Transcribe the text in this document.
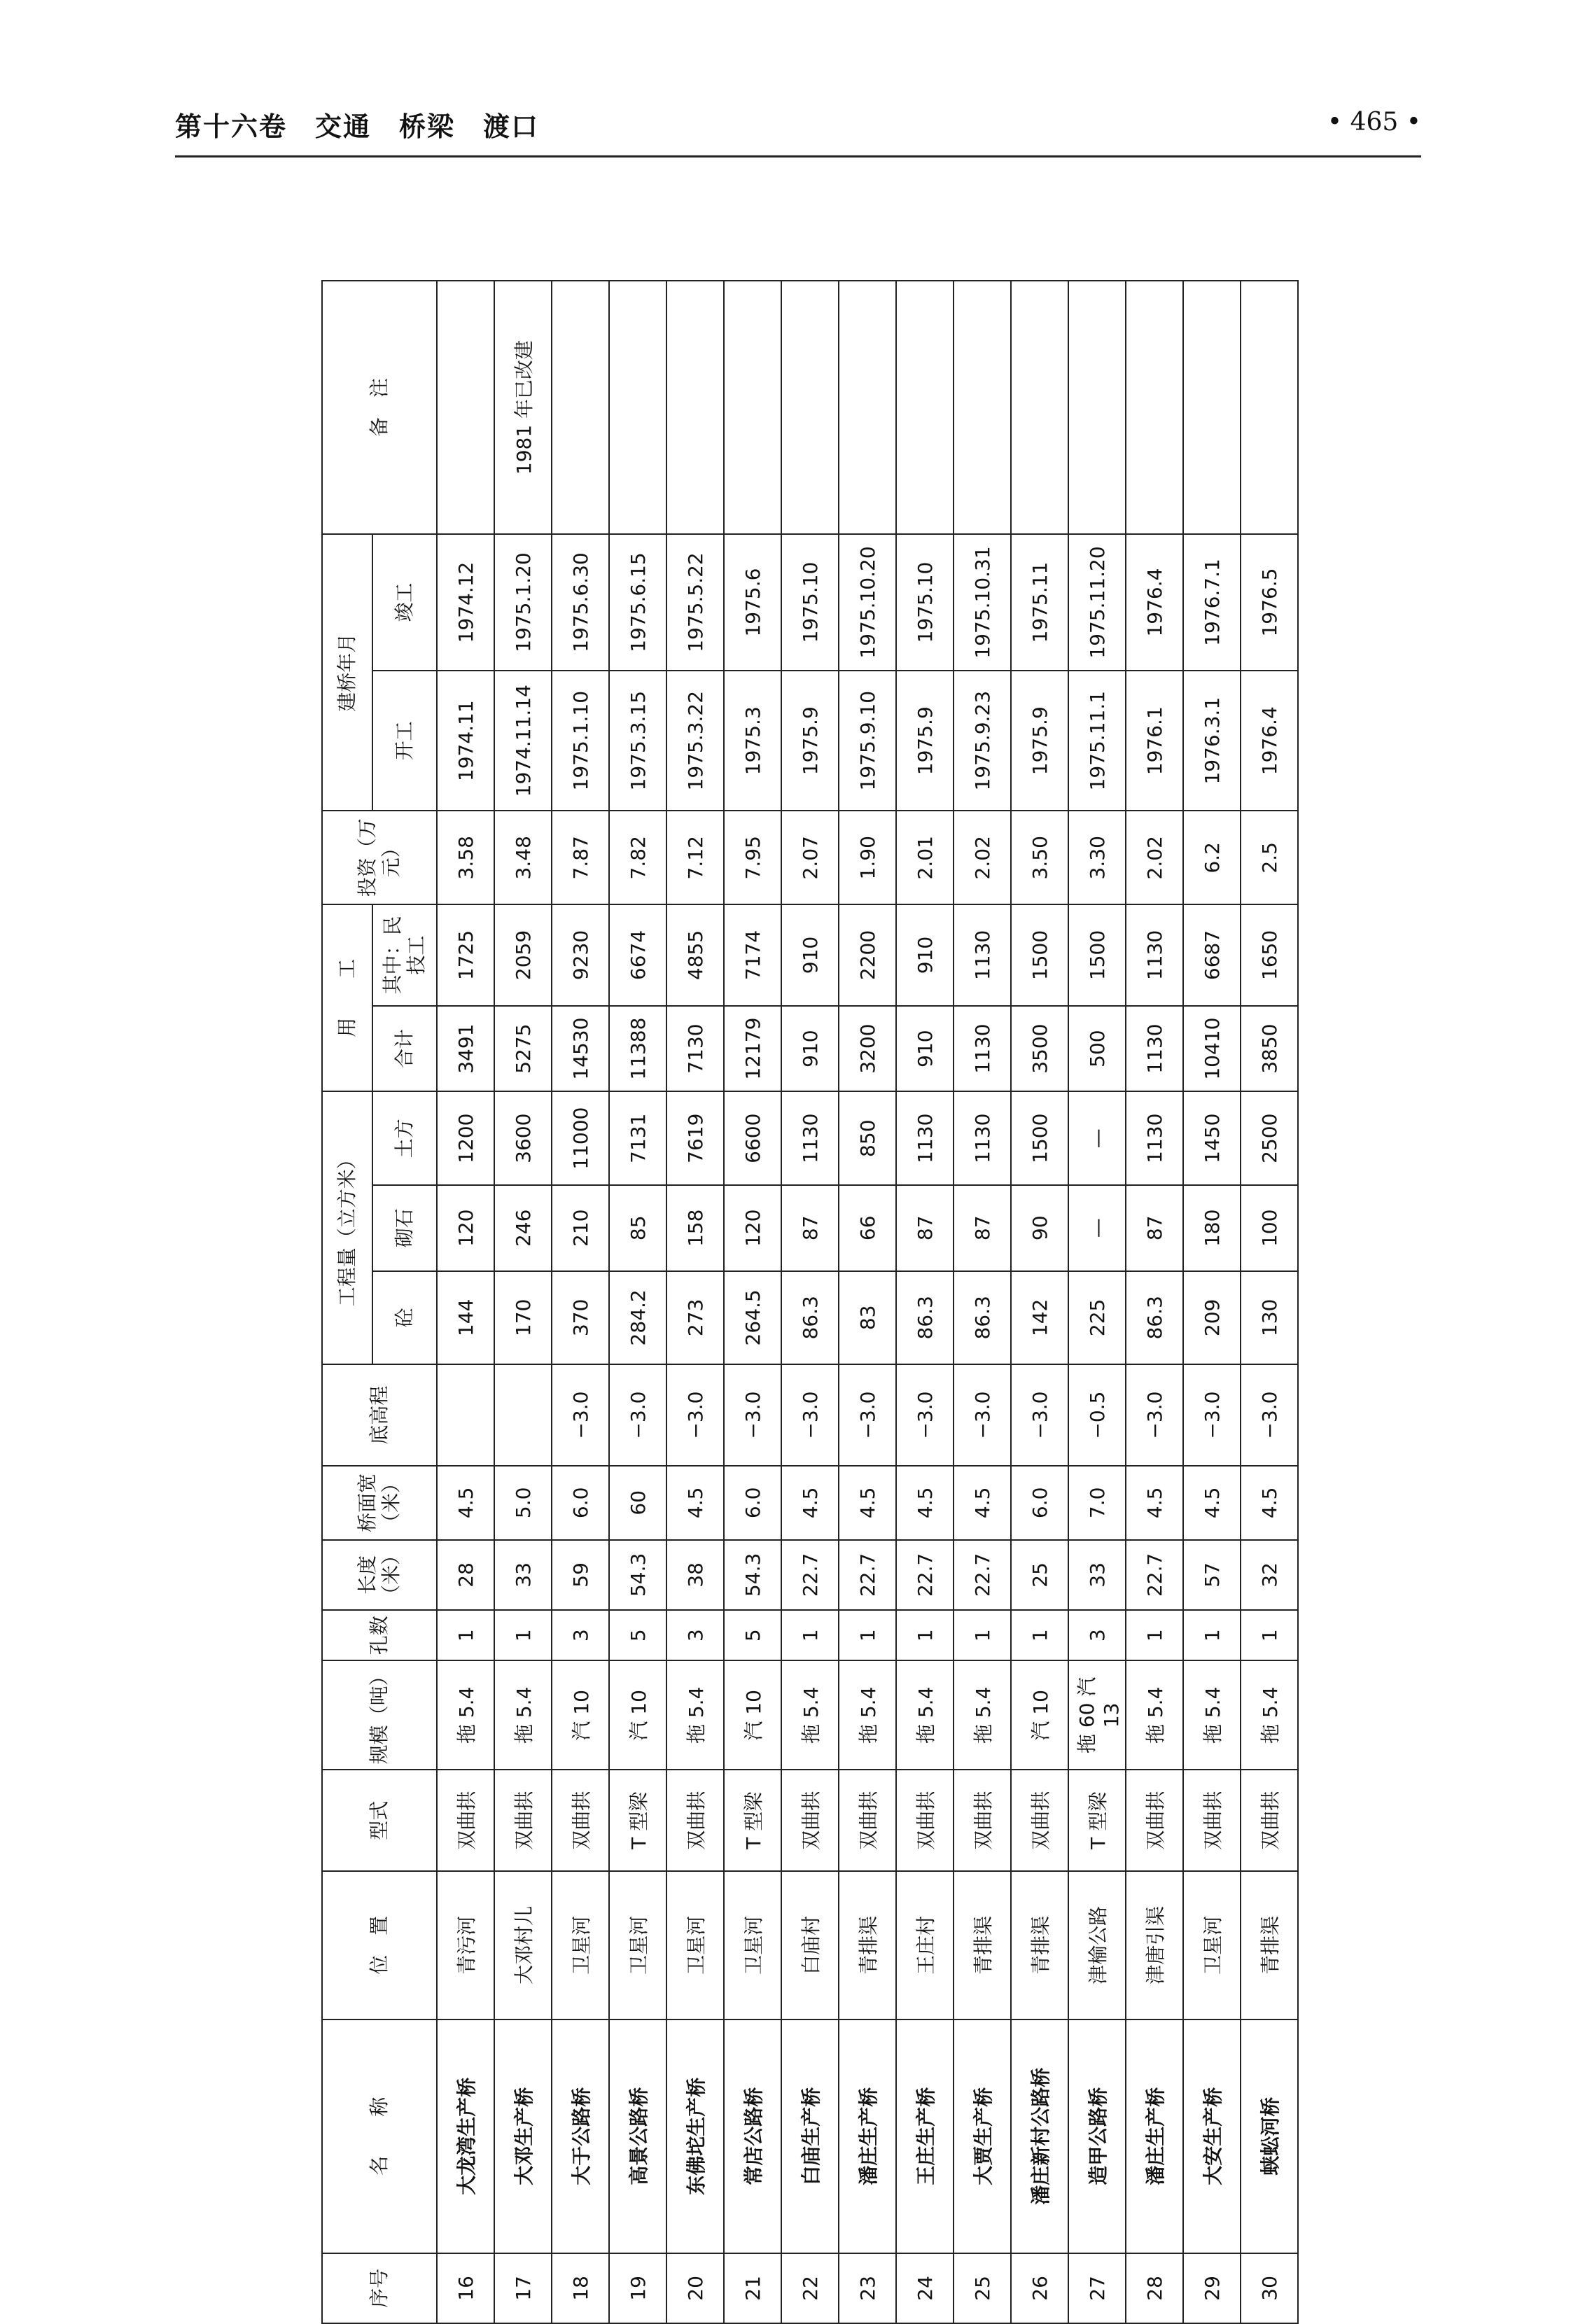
第十六卷　交通　桥梁　渡口	• 465 •
序号	名　　称	位　置	型式	规模（吨）	孔数	长度（米）	桥面宽（米）	底高程	工程量（立方米）			用　　工		投资（万元）	建桥年月		备　注
									砼	砌石	土方	合计	其中：民技工		开工	竣工	
16	大龙湾生产桥	青污河	双曲拱	拖 5.4	1	28	4.5		144	120	1200	3491	1725	3.58	1974.11	1974.12	
17	大邓生产桥	大邓村儿	双曲拱	拖 5.4	1	33	5.0		170	246	3600	5275	2059	3.48	1974.11.14	1975.1.20	1981 年已改建
18	大于公路桥	卫星河	双曲拱	汽 10	3	59	6.0	−3.0	370	210	11000	14530	9230	7.87	1975.1.10	1975.6.30	
19	高景公路桥	卫星河	T 型梁	汽 10	5	54.3	60	−3.0	284.2	85	7131	11388	6674	7.82	1975.3.15	1975.6.15	
20	东佛坨生产桥	卫星河	双曲拱	拖 5.4	3	38	4.5	−3.0	273	158	7619	7130	4855	7.12	1975.3.22	1975.5.22	
21	常店公路桥	卫星河	T 型梁	汽 10	5	54.3	6.0	−3.0	264.5	120	6600	12179	7174	7.95	1975.3	1975.6	
22	白庙生产桥	白庙村	双曲拱	拖 5.4	1	22.7	4.5	−3.0	86.3	87	1130	910	910	2.07	1975.9	1975.10	
23	潘庄生产桥	青排渠	双曲拱	拖 5.4	1	22.7	4.5	−3.0	83	66	850	3200	2200	1.90	1975.9.10	1975.10.20	
24	王庄生产桥	王庄村	双曲拱	拖 5.4	1	22.7	4.5	−3.0	86.3	87	1130	910	910	2.01	1975.9	1975.10	
25	大贾生产桥	青排渠	双曲拱	拖 5.4	1	22.7	4.5	−3.0	86.3	87	1130	1130	1130	2.02	1975.9.23	1975.10.31	
26	潘庄新村公路桥	青排渠	双曲拱	汽 10	1	25	6.0	−3.0	142	90	1500	3500	1500	3.50	1975.9	1975.11	
27	造甲公路桥	津榆公路	T 型梁	拖 60 汽 13	3	33	7.0	−0.5	225	—	—	500	1500	3.30	1975.11.1	1975.11.20	
28	潘庄生产桥	津唐引渠	双曲拱	拖 5.4	1	22.7	4.5	−3.0	86.3	87	1130	1130	1130	2.02	1976.1	1976.4	
29	大安生产桥	卫星河	双曲拱	拖 5.4	1	57	4.5	−3.0	209	180	1450	10410	6687	6.2	1976.3.1	1976.7.1	
30	蛱蚣河桥	青排渠	双曲拱	拖 5.4	1	32	4.5	−3.0	130	100	2500	3850	1650	2.5	1976.4	1976.5	
